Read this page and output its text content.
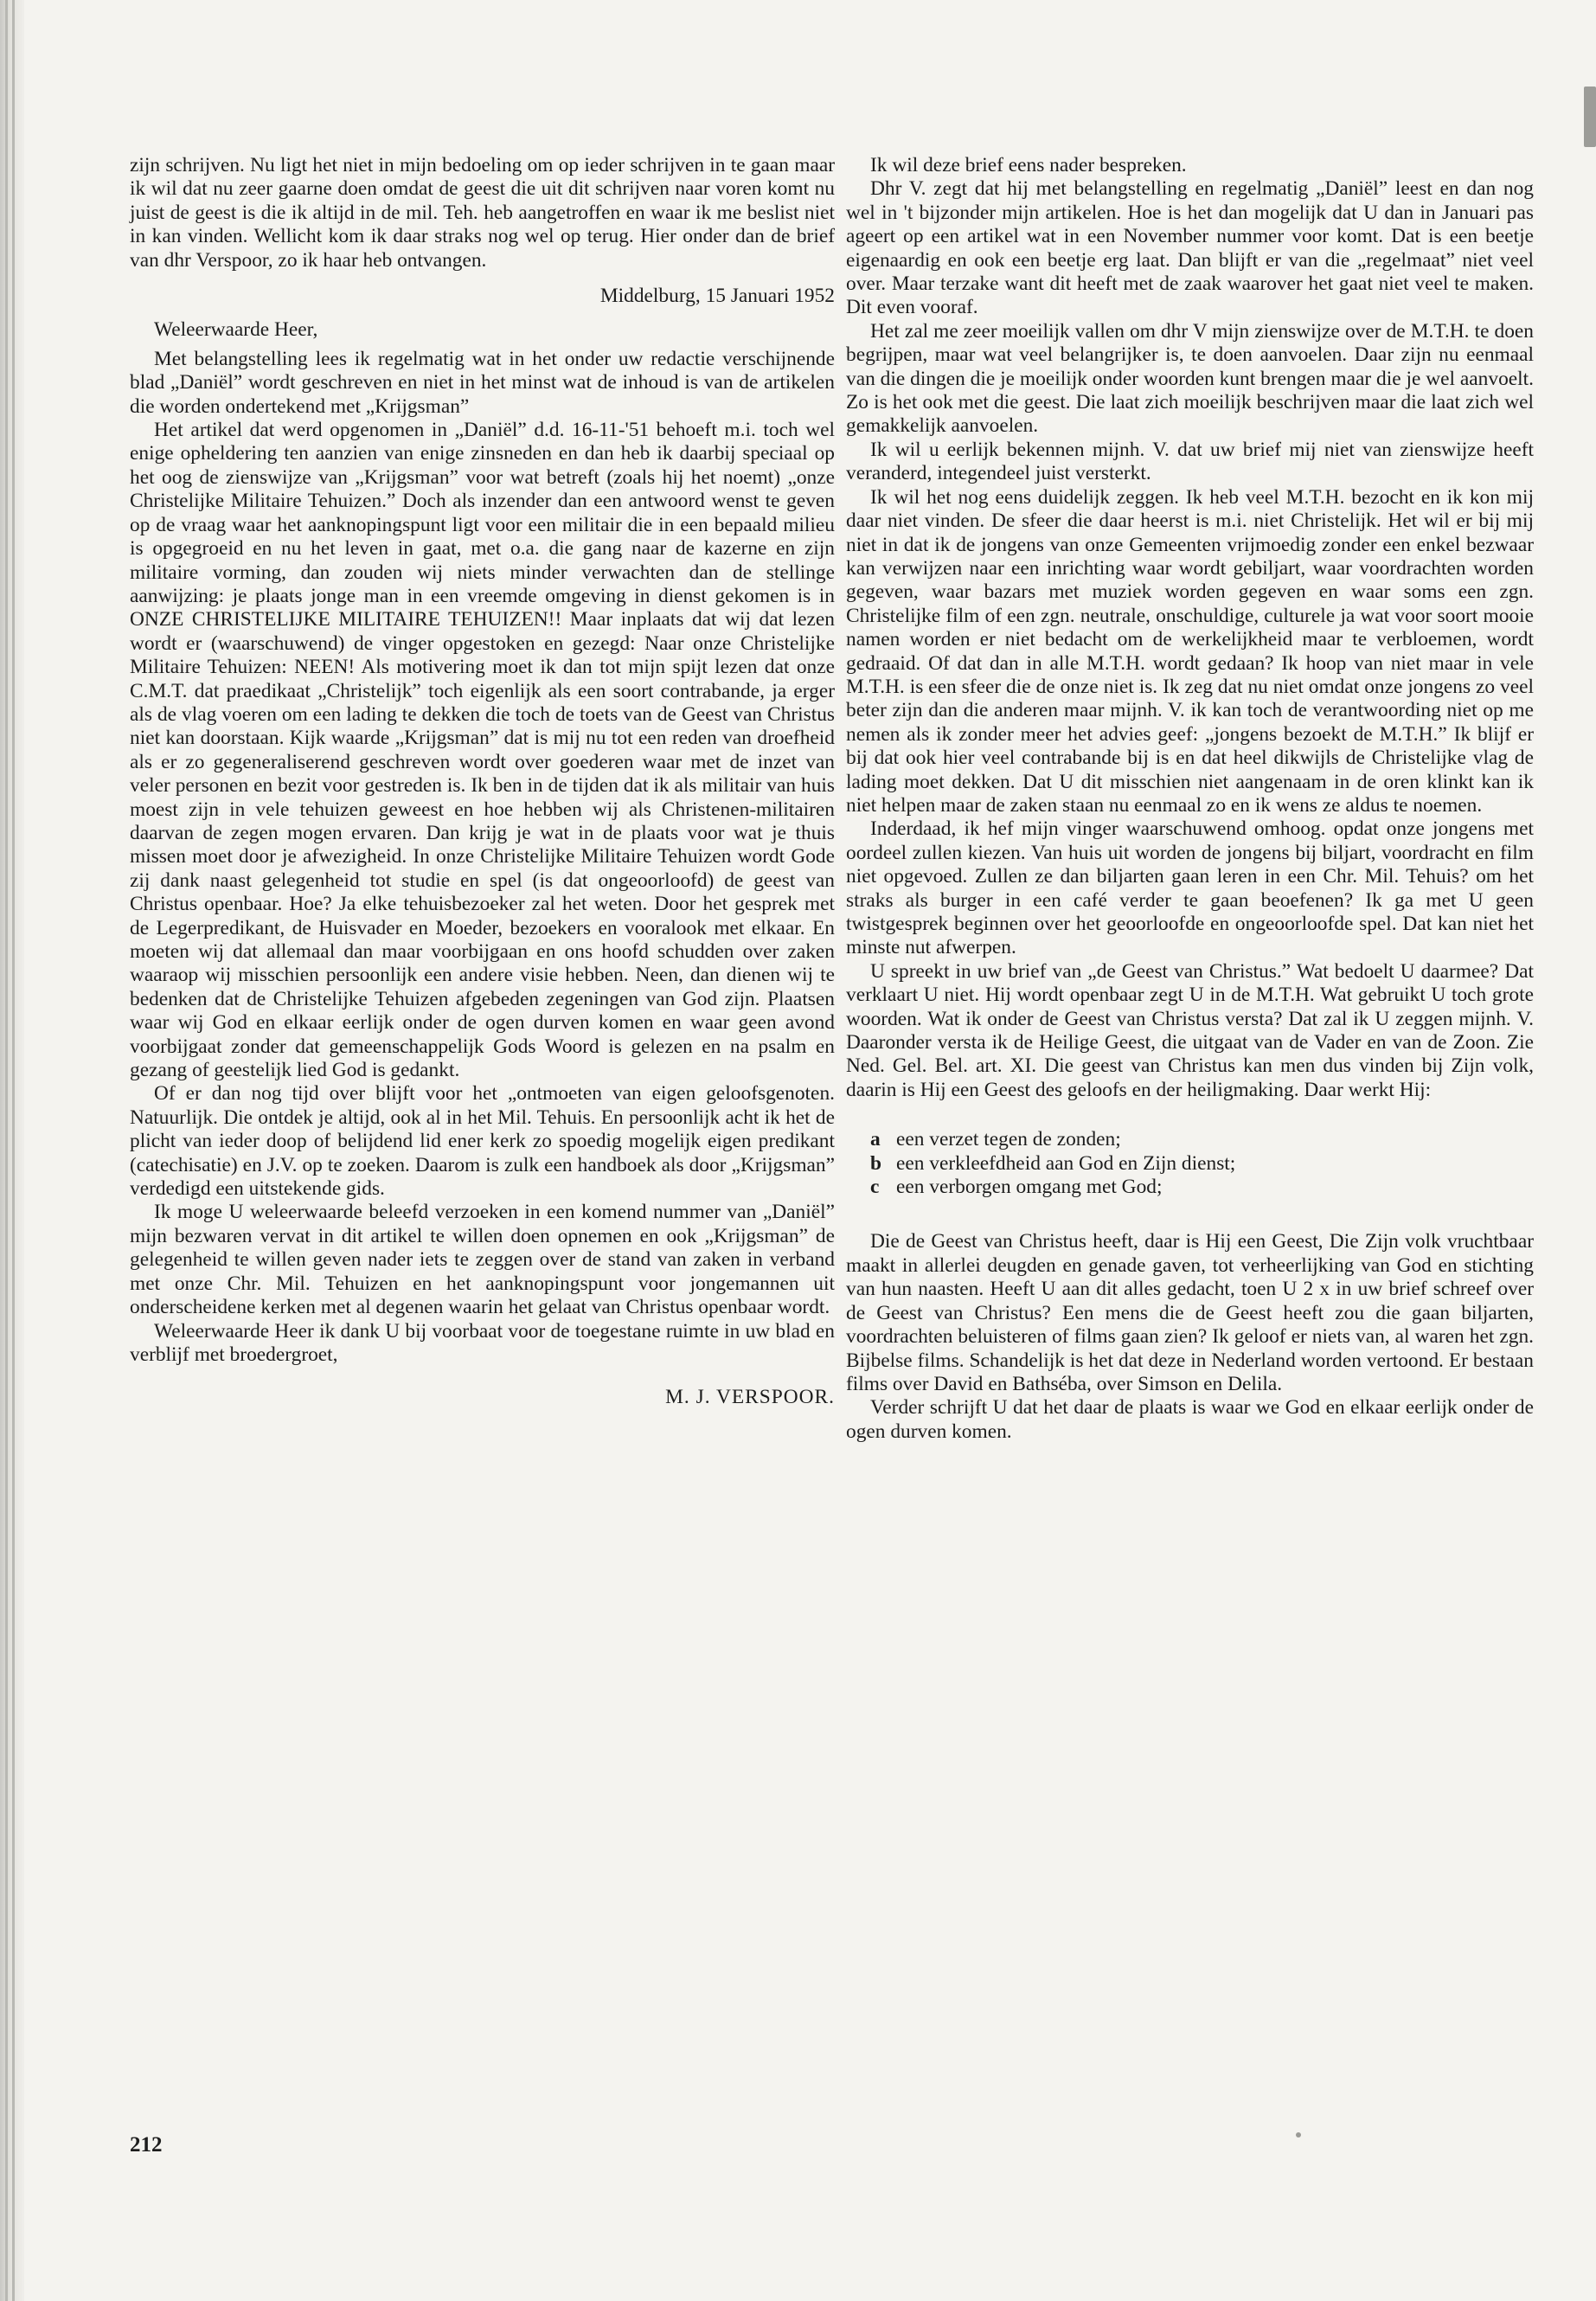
zijn schrijven. Nu ligt het niet in mijn bedoeling om op ieder schrijven in te gaan maar ik wil dat nu zeer gaarne doen omdat de geest die uit dit schrijven naar voren komt nu juist de geest is die ik altijd in de mil. Teh. heb aangetroffen en waar ik me beslist niet in kan vinden. Wellicht kom ik daar straks nog wel op terug. Hier onder dan de brief van dhr Verspoor, zo ik haar heb ontvangen.

Middelburg, 15 Januari 1952

Weleerwaarde Heer,

Met belangstelling lees ik regelmatig wat in het onder uw redactie verschijnende blad „Daniël” wordt geschreven en niet in het minst wat de inhoud is van de artikelen die worden ondertekend met „Krijgsman”

Het artikel dat werd opgenomen in „Daniël” d.d. 16-11-'51 behoeft m.i. toch wel enige opheldering ten aanzien van enige zinsneden en dan heb ik daarbij speciaal op het oog de zienswijze van „Krijgsman” voor wat betreft (zoals hij het noemt) „onze Christelijke Militaire Tehuizen.” Doch als inzender dan een antwoord wenst te geven op de vraag waar het aanknopingspunt ligt voor een militair die in een bepaald milieu is opgegroeid en nu het leven in gaat, met o.a. die gang naar de kazerne en zijn militaire vorming, dan zouden wij niets minder verwachten dan de stellinge aanwijzing: je plaats jonge man in een vreemde omgeving in dienst gekomen is in ONZE CHRISTELIJKE MILITAIRE TEHUIZEN!! Maar inplaats dat wij dat lezen wordt er (waarschuwend) de vinger opgestoken en gezegd: Naar onze Christelijke Militaire Tehuizen: NEEN! Als motivering moet ik dan tot mijn spijt lezen dat onze C.M.T. dat praedikaat „Christelijk” toch eigenlijk als een soort contrabande, ja erger als de vlag voeren om een lading te dekken die toch de toets van de Geest van Christus niet kan doorstaan. Kijk waarde „Krijgsman” dat is mij nu tot een reden van droefheid als er zo gegeneraliserend geschreven wordt over goederen waar met de inzet van veler personen en bezit voor gestreden is. Ik ben in de tijden dat ik als militair van huis moest zijn in vele tehuizen geweest en hoe hebben wij als Christenen-militairen daarvan de zegen mogen ervaren. Dan krijg je wat in de plaats voor wat je thuis missen moet door je afwezigheid. In onze Christelijke Militaire Tehuizen wordt Gode zij dank naast gelegenheid tot studie en spel (is dat ongeoorloofd) de geest van Christus openbaar. Hoe? Ja elke tehuisbezoeker zal het weten. Door het gesprek met de Legerpredikant, de Huisvader en Moeder, bezoekers en vooralook met elkaar. En moeten wij dat allemaal dan maar voorbijgaan en ons hoofd schudden over zaken waaraop wij misschien persoonlijk een andere visie hebben. Neen, dan dienen wij te bedenken dat de Christelijke Tehuizen afgebeden zegeningen van God zijn. Plaatsen waar wij God en elkaar eerlijk onder de ogen durven komen en waar geen avond voorbijgaat zonder dat gemeenschappelijk Gods Woord is gelezen en na psalm en gezang of geestelijk lied God is gedankt.

Of er dan nog tijd over blijft voor het „ontmoeten van eigen geloofsgenoten. Natuurlijk. Die ontdek je altijd, ook al in het Mil. Tehuis. En persoonlijk acht ik het de plicht van ieder doop of belijdend lid ener kerk zo spoedig mogelijk eigen predikant (catechisatie) en J.V. op te zoeken. Daarom is zulk een handboek als door „Krijgsman” verdedigd een uitstekende gids.

Ik moge U weleerwaarde beleefd verzoeken in een komend nummer van „Daniël” mijn bezwaren vervat in dit artikel te willen doen opnemen en ook „Krijgsman” de gelegenheid te willen geven nader iets te zeggen over de stand van zaken in verband met onze Chr. Mil. Tehuizen en het aanknopingspunt voor jongemannen uit onderscheidene kerken met al degenen waarin het gelaat van Christus openbaar wordt.

Weleerwaarde Heer ik dank U bij voorbaat voor de toegestane ruimte in uw blad en verblijf met broedergroet,

M. J. VERSPOOR.

Ik wil deze brief eens nader bespreken.

Dhr V. zegt dat hij met belangstelling en regelmatig „Daniël” leest en dan nog wel in 't bijzonder mijn artikelen. Hoe is het dan mogelijk dat U dan in Januari pas ageert op een artikel wat in een November nummer voor komt. Dat is een beetje eigenaardig en ook een beetje erg laat. Dan blijft er van die „regelmaat” niet veel over. Maar terzake want dit heeft met de zaak waarover het gaat niet veel te maken. Dit even vooraf.

Het zal me zeer moeilijk vallen om dhr V mijn zienswijze over de M.T.H. te doen begrijpen, maar wat veel belangrijker is, te doen aanvoelen. Daar zijn nu eenmaal van die dingen die je moeilijk onder woorden kunt brengen maar die je wel aanvoelt. Zo is het ook met die geest. Die laat zich moeilijk beschrijven maar die laat zich wel gemakkelijk aanvoelen.

Ik wil u eerlijk bekennen mijnh. V. dat uw brief mij niet van zienswijze heeft veranderd, integendeel juist versterkt.

Ik wil het nog eens duidelijk zeggen. Ik heb veel M.T.H. bezocht en ik kon mij daar niet vinden. De sfeer die daar heerst is m.i. niet Christelijk. Het wil er bij mij niet in dat ik de jongens van onze Gemeenten vrijmoedig zonder een enkel bezwaar kan verwijzen naar een inrichting waar wordt gebiljart, waar voordrachten worden gegeven, waar bazars met muziek worden gegeven en waar soms een zgn. Christelijke film of een zgn. neutrale, onschuldige, culturele ja wat voor soort mooie namen worden er niet bedacht om de werkelijkheid maar te verbloemen, wordt gedraaid. Of dat dan in alle M.T.H. wordt gedaan? Ik hoop van niet maar in vele M.T.H. is een sfeer die de onze niet is. Ik zeg dat nu niet omdat onze jongens zo veel beter zijn dan die anderen maar mijnh. V. ik kan toch de verantwoording niet op me nemen als ik zonder meer het advies geef: „jongens bezoekt de M.T.H.” Ik blijf er bij dat ook hier veel contrabande bij is en dat heel dikwijls de Christelijke vlag de lading moet dekken. Dat U dit misschien niet aangenaam in de oren klinkt kan ik niet helpen maar de zaken staan nu eenmaal zo en ik wens ze aldus te noemen.

Inderdaad, ik hef mijn vinger waarschuwend omhoog. opdat onze jongens met oordeel zullen kiezen. Van huis uit worden de jongens bij biljart, voordracht en film niet opgevoed. Zullen ze dan biljarten gaan leren in een Chr. Mil. Tehuis? om het straks als burger in een café verder te gaan beoefenen? Ik ga met U geen twistgesprek beginnen over het geoorloofde en ongeoorloofde spel. Dat kan niet het minste nut afwerpen.

U spreekt in uw brief van „de Geest van Christus.” Wat bedoelt U daarmee? Dat verklaart U niet. Hij wordt openbaar zegt U in de M.T.H. Wat gebruikt U toch grote woorden. Wat ik onder de Geest van Christus versta? Dat zal ik U zeggen mijnh. V. Daaronder versta ik de Heilige Geest, die uitgaat van de Vader en van de Zoon. Zie Ned. Gel. Bel. art. XI. Die geest van Christus kan men dus vinden bij Zijn volk, daarin is Hij een Geest des geloofs en der heiligmaking. Daar werkt Hij:

a een verzet tegen de zonden;
b een verkleefdheid aan God en Zijn dienst;
c een verborgen omgang met God;

Die de Geest van Christus heeft, daar is Hij een Geest, Die Zijn volk vruchtbaar maakt in allerlei deugden en genade gaven, tot verheerlijking van God en stichting van hun naasten. Heeft U aan dit alles gedacht, toen U 2 x in uw brief schreef over de Geest van Christus? Een mens die de Geest heeft zou die gaan biljarten, voordrachten beluisteren of films gaan zien? Ik geloof er niets van, al waren het zgn. Bijbelse films. Schandelijk is het dat deze in Nederland worden vertoond. Er bestaan films over David en Bathséba, over Simson en Delila.

Verder schrijft U dat het daar de plaats is waar we God en elkaar eerlijk onder de ogen durven komen.

212
